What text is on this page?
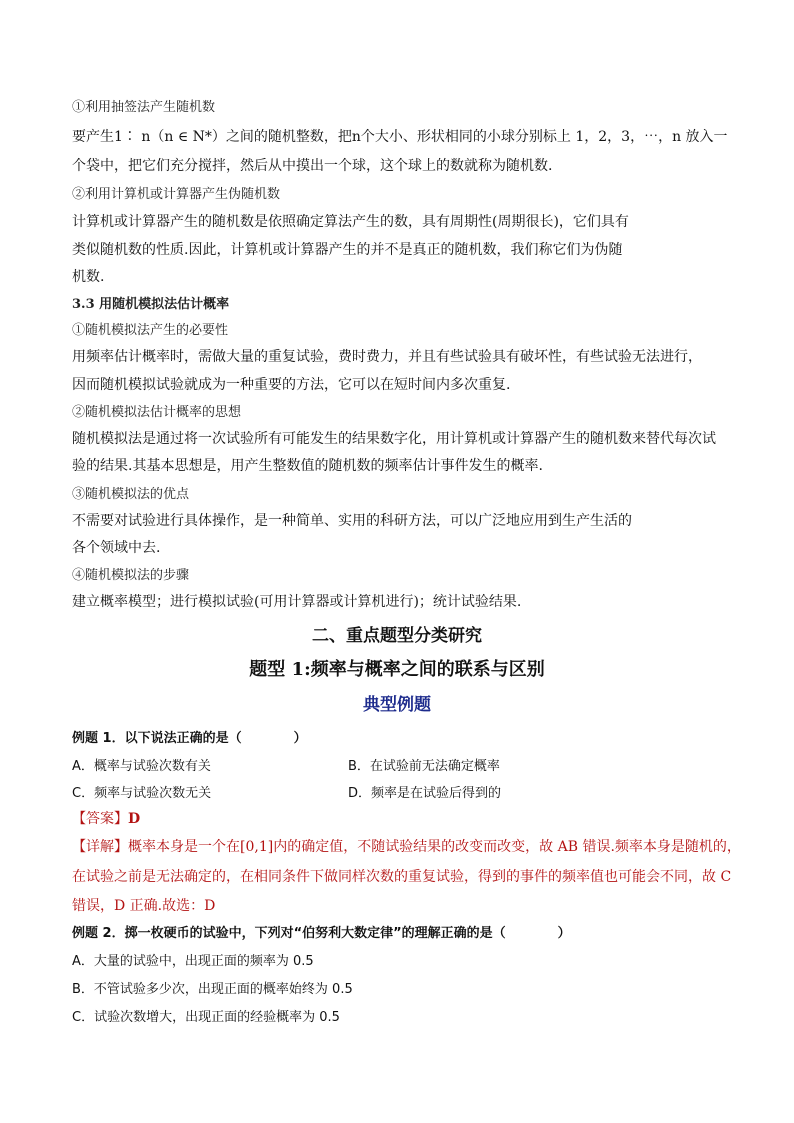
①利用抽签法产生随机数
要产生1∶ n（n ∈ N*）之间的随机整数，把n个大小、形状相同的小球分别标上 1，2，3，⋯，n 放入一
个袋中，把它们充分搅拌，然后从中摸出一个球，这个球上的数就称为随机数.
②利用计算机或计算器产生伪随机数
计算机或计算器产生的随机数是依照确定算法产生的数，具有周期性(周期很长)，它们具有
类似随机数的性质.因此，计算机或计算器产生的并不是真正的随机数，我们称它们为伪随
机数.
3.3 用随机模拟法估计概率
①随机模拟法产生的必要性
用频率估计概率时，需做大量的重复试验，费时费力，并且有些试验具有破坏性，有些试验无法进行，
因而随机模拟试验就成为一种重要的方法，它可以在短时间内多次重复.
②随机模拟法估计概率的思想
随机模拟法是通过将一次试验所有可能发生的结果数字化，用计算机或计算器产生的随机数来替代每次试
验的结果.其基本思想是，用产生整数值的随机数的频率估计事件发生的概率.
③随机模拟法的优点
不需要对试验进行具体操作，是一种简单、实用的科研方法，可以广泛地应用到生产生活的
各个领域中去.
④随机模拟法的步骤
建立概率模型；进行模拟试验(可用计算器或计算机进行)；统计试验结果.
二、重点题型分类研究
题型 1:频率与概率之间的联系与区别
典型例题
例题 1．以下说法正确的是（　　　　）
A．概率与试验次数有关	B．在试验前无法确定概率
C．频率与试验次数无关	D．频率是在试验后得到的
【答案】D
【详解】概率本身是一个在[0,1]内的确定值，不随试验结果的改变而改变，故 AB 错误.频率本身是随机的，
在试验之前是无法确定的，在相同条件下做同样次数的重复试验，得到的事件的频率值也可能会不同，故 C
错误，D 正确.故选：D
例题 2．掷一枚硬币的试验中，下列对“伯努利大数定律”的理解正确的是（　　　　）
A．大量的试验中，出现正面的频率为 0.5
B．不管试验多少次，出现正面的概率始终为 0.5
C．试验次数增大，出现正面的经验概率为 0.5
